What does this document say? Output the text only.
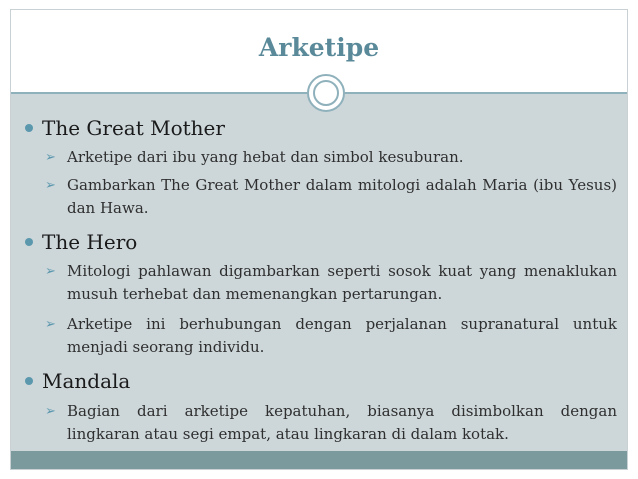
Arketipe
The Great Mother
➢ Arketipe dari ibu yang hebat dan simbol kesuburan.
➢ Gambarkan The Great Mother dalam mitologi adalah Maria (ibu Yesus) dan Hawa.
The Hero
➢ Mitologi pahlawan digambarkan seperti sosok kuat yang menaklukan musuh terhebat dan memenangkan pertarungan.
➢ Arketipe ini berhubungan dengan perjalanan supranatural untuk menjadi seorang individu.
Mandala
➢ Bagian dari arketipe kepatuhan, biasanya disimbolkan dengan lingkaran atau segi empat, atau lingkaran di dalam kotak.
